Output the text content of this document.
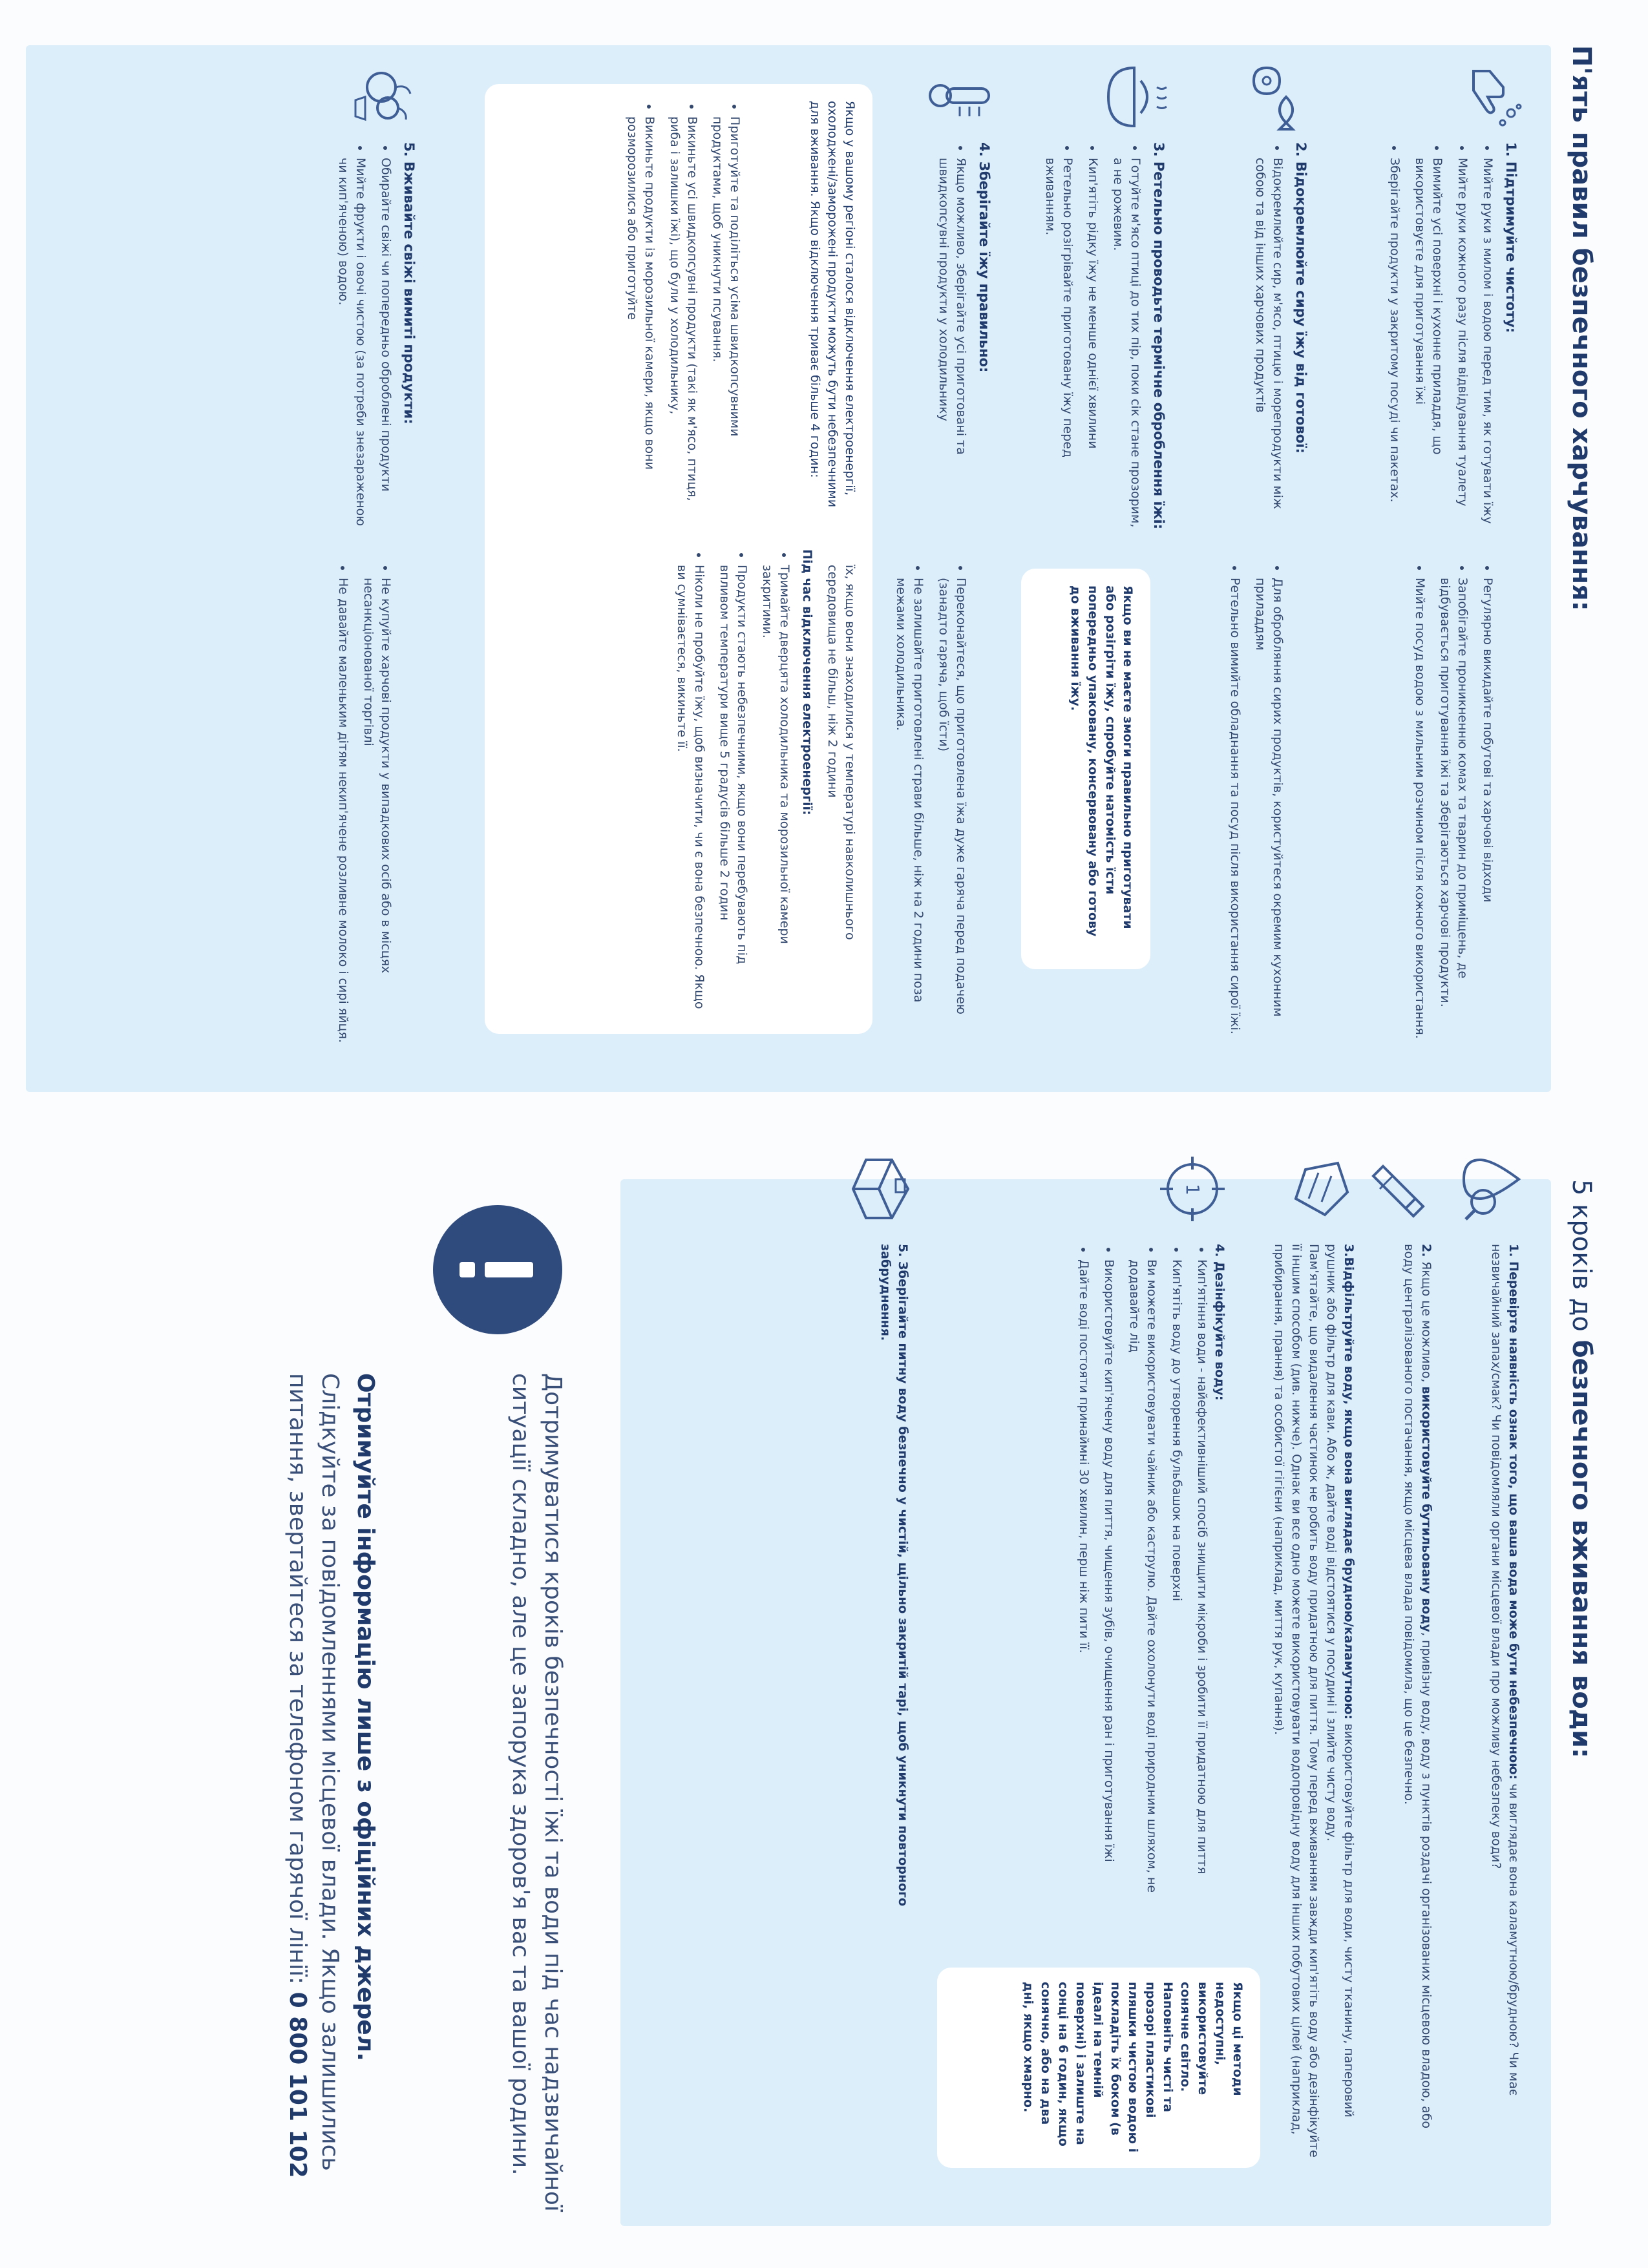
П'ять правил безпечного харчування:
1. Підтримуйте чистоту:
• Мийте руки з милом і водою перед тим, як готувати їжу
• Мийте руки кожного разу після відвідування туалету
• Вимийте усі поверхні і кухонне приладдя, що використовуєте для приготування їжі
• Зберігайте продукти у закритому посуді чи пакетах.
• Регулярно викидайте побутові та харчові відходи
• Запобігайте проникненню комах та тварин до приміщень, де відбувається приготування їжі та зберігаються харчові продукти.
• Мийте посуд водою з мильним розчином після кожного використання.
2. Відокремлюйте сиру їжу від готової:
• Відокремлюйте сир, м'ясо, птицю і морепродукти між собою та від інших харчових продуктів
• Для обробляння сирих продуктів, користуйтеся окремим кухонним приладдям
• Ретельно вимийте обладнання та посуд після використання сирої їжі.
3. Ретельно проводьте термічне оброблення їжі:
• Готуйте м'ясо птиці до тих пір, поки сік стане прозорим, а не рожевим.
• Кип'ятіть рідку їжу не менше однієї хвилини
• Ретельно розігрівайте приготовану їжу перед вживанням.
Якщо ви не маєте змоги правильно приготувати або розігріти їжу, спробуйте натомість їсти попередньо упаковану, консервовану або готову до вживання їжу.
4. Зберігайте їжу правильно:
• Якщо можливо, зберігайте усі приготовані та швидкопсувні продукти у холодильнику
• Переконайтеся, що приготовлена їжа дуже гаряча перед подачею (занадто гаряча, щоб їсти)
• Не залишайте приготовлені страви більше, ніж на 2 години поза межами холодильника.
Якщо у вашому регіоні сталося відключення електроенергії, охолоджені/заморожені продукти можуть бути небезпечними для вживання. Якщо відключення триває більше 4 годин:
• Приготуйте та поділіться усіма швидкопсувними продуктами, щоб уникнути псування.
• Викиньте усі швидкопсувні продукти (такі як м'ясо, птиця, риба і залишки їжі), що були у холодильнику,
• Викиньте продукти із морозильної камери, якщо вони розморозилися або приготуйте
їх, якщо вони знаходилися у температурі навколишнього середовища не більш, ніж 2 години
Під час відключення електроенергії:
• Тримайте дверцята холодильника та морозильної камери закритими.
• Продукти стають небезпечними, якщо вони перебувають під впливом температури вище 5 градусів більше 2 годин
• Ніколи не пробуйте їжу, щоб визначити, чи є вона безпечною. Якщо ви сумніваєтеся, викиньте її.
5. Вживайте свіжі вимиті продукти:
• Обирайте свіжі чи попередньо оброблені продукти
• Мийте фрукти і овочі чистою (за потреби знезараженою чи кип'яченою) водою.
• Не купуйте харчові продукти у випадкових осіб або в місцях несанкціонованої торгівлі
• Не давайте маленьким дітям некип'ячене розливне молоко і сирі яйця.
5 кроків до безпечного вживання води:
1. Перевірте наявність ознак того, що ваша вода може бути небезпечною: чи виглядає вона каламутною/брудною? Чи має незвичайний запах/смак? Чи повідомляли органи місцевої влади про можливу небезпеку води?
2. Якщо це можливо, використовуйте бутильовану воду, привізну воду, воду з пунктів роздачі організованих місцевою владою, або воду централізованого постачання, якщо місцева влада повідомила, що це безпечно.
3.Відфільтруйте воду, якщо вона виглядає брудною/каламутною: використовуйте фільтр для води, чисту тканину, паперовий рушник або фільтр для кави. Або ж, дайте воді відстоятися у посудині і злийте чисту воду.
Пам'ятайте, що видалення частинок не робить воду придатною для пиття. Тому перед вживанням завжди кип'ятіть воду або дезінфікуйте її іншим способом (див. нижче). Однак ви все одно можете використовувати водопровідну воду для інших побутових цілей (наприклад, прибирання, прання) та особистої гігієни (наприклад, миття рук, купання).
1
4. Дезінфікуйте воду:
• Кип'ятіння води - найефективніший спосіб знищити мікроби і зробити її придатною для пиття
• Кип'ятіть воду до утворення бульбашок на поверхні
• Ви можете використовувати чайник або каструлю. Дайте охолонути воді природним шляхом, не додавайте лід
• Використовуйте кип'ячену воду для пиття, чищення зубів, очищення ран і приготування їжі
• Дайте воді постояти принаймні 30 хвилин, перш ніж пити її.
Якщо ці методи недоступні, використовуйте сонячне світло. Наповніть чисті та прозорі пластикові пляшки чистою водою і покладіть їх боком (в ідеалі на темній поверхні) і залиште на сонці на 6 годин, якщо сонячно, або на два дні, якщо хмарно.
5. Зберігайте питну воду безпечно у чистій, щільно закритій тарі, щоб уникнути повторного забруднення.
Дотримуватися кроків безпечності їжі та води під час надзвичайної ситуації складно, але це запорука здоров'я вас та вашої родини.
Отримуйте інформацію лише з офіційних джерел.
Слідкуйте за повідомленнями місцевої влади. Якщо залишились питання, звертайтеся за телефоном гарячої лінії: 0 800 101 102
